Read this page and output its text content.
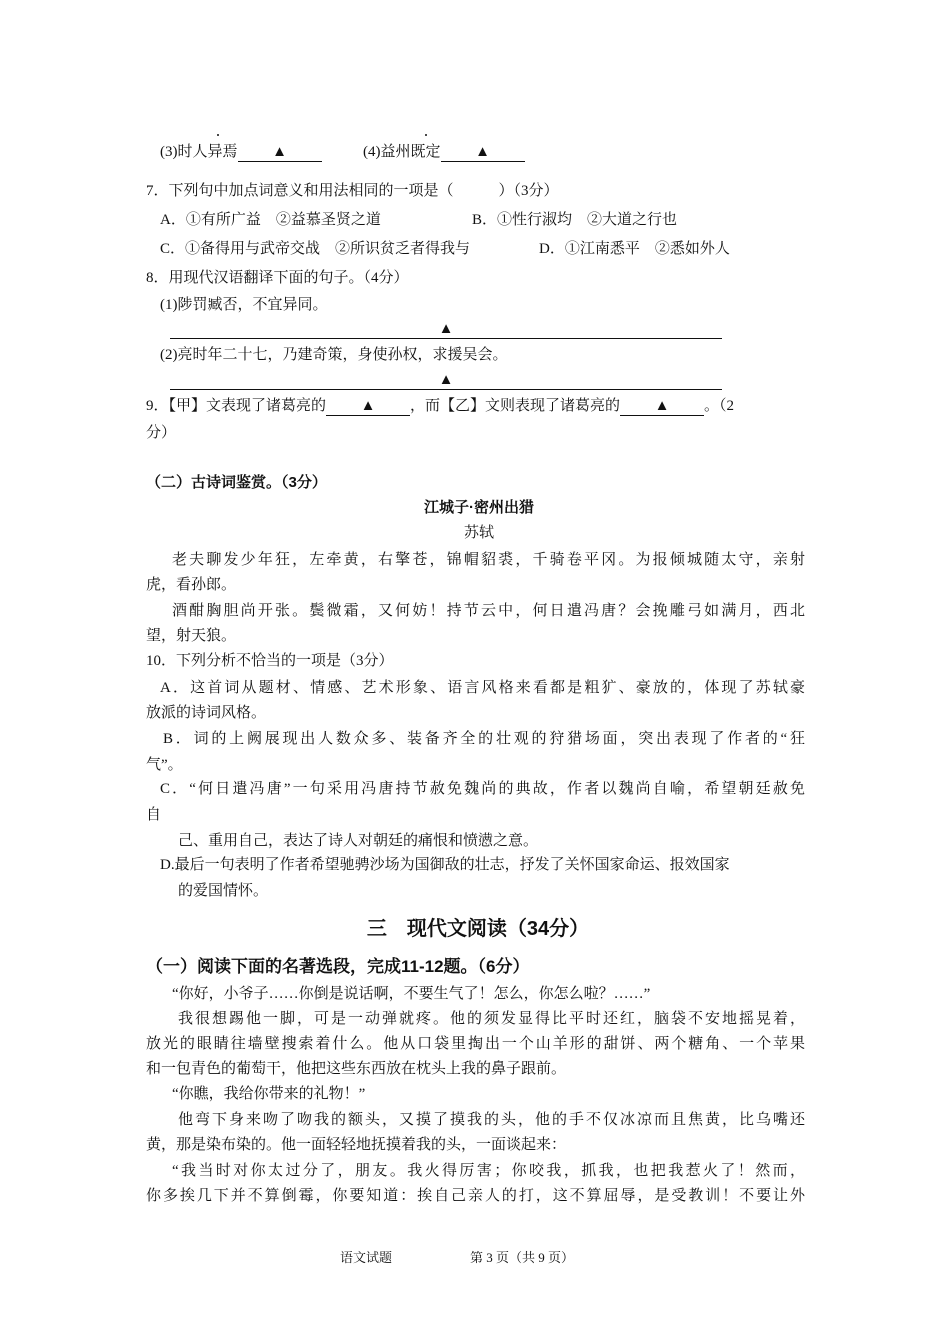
(3)时人异焉 ▲	(4)益州既定 ▲
7．下列句中加点词意义和用法相同的一项是（　　　）（3分）
A．①有所广益　②益慕圣贤之道	B．①性行淑均　②大道之行也
C．①备得用与武帝交战　②所识贫乏者得我与	D．①江南悉平　②悉如外人
8．用现代汉语翻译下面的句子。（4分）
(1)陟罚臧否，不宜异同。
▲
(2)亮时年二十七，乃建奇策，身使孙权，求援吴会。
▲
9．【甲】文表现了诸葛亮的 ▲ ，而【乙】文则表现了诸葛亮的 ▲ 。（2
分）
（二）古诗词鉴赏。（3分）
江城子·密州出猎
苏轼
老夫聊发少年狂，左牵黄，右擎苍，锦帽貂裘，千骑卷平冈。为报倾城随太守，亲射
虎，看孙郎。
酒酣胸胆尚开张。鬓微霜，又何妨！持节云中，何日遣冯唐？会挽雕弓如满月，西北
望，射天狼。
10．下列分析不恰当的一项是（3分）
A．这首词从题材、情感、艺术形象、语言风格来看都是粗犷、豪放的，体现了苏轼豪
放派的诗词风格。
B．词的上阙展现出人数众多、装备齐全的壮观的狩猎场面，突出表现了作者的“狂
气”。
C．“何日遣冯唐”一句采用冯唐持节赦免魏尚的典故，作者以魏尚自喻，希望朝廷赦免
自
己、重用自己，表达了诗人对朝廷的痛恨和愤懑之意。
D.最后一句表明了作者希望驰骋沙场为国御敌的壮志，抒发了关怀国家命运、报效国家
的爱国情怀。
三　现代文阅读（34分）
（一）阅读下面的名著选段，完成11-12题。（6分）
“你好，小爷子……你倒是说话啊，不要生气了！怎么，你怎么啦？……”
我很想踢他一脚，可是一动弹就疼。他的须发显得比平时还红，脑袋不安地摇晃着，
放光的眼睛往墙壁搜索着什么。他从口袋里掏出一个山羊形的甜饼、两个糖角、一个苹果
和一包青色的葡萄干，他把这些东西放在枕头上我的鼻子跟前。
“你瞧，我给你带来的礼物！”
他弯下身来吻了吻我的额头，又摸了摸我的头，他的手不仅冰凉而且焦黄，比乌嘴还
黄，那是染布染的。他一面轻轻地抚摸着我的头，一面谈起来：
“我当时对你太过分了，朋友。我火得厉害；你咬我，抓我，也把我惹火了！然而，
你多挨几下并不算倒霉，你要知道：挨自己亲人的打，这不算屈辱，是受教训！不要让外
语文试题	第 3 页（共 9 页）
